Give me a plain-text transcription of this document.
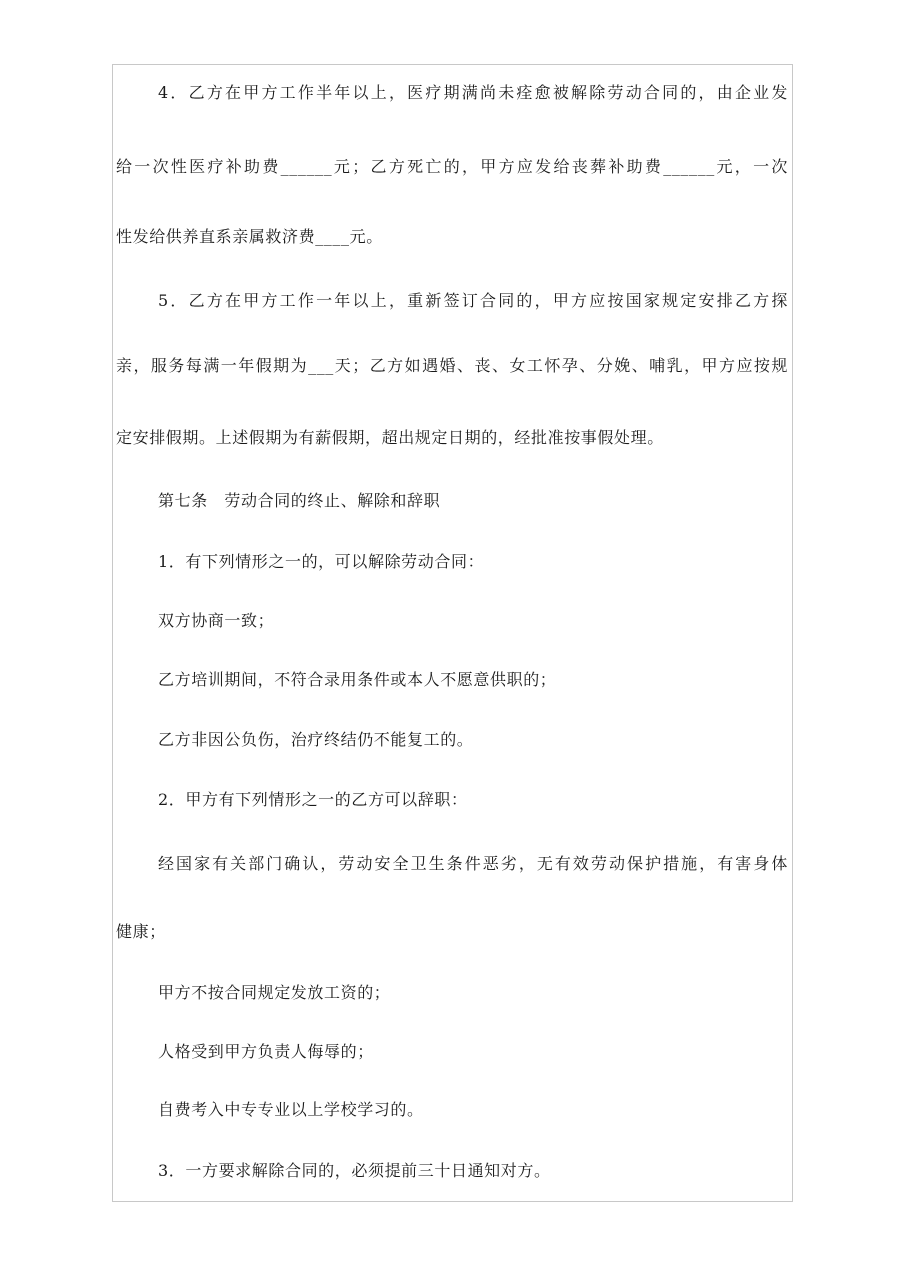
4．乙方在甲方工作半年以上，医疗期满尚未痊愈被解除劳动合同的，由企业发
给一次性医疗补助费______元；乙方死亡的，甲方应发给丧葬补助费______元，一次
性发给供养直系亲属救济费____元。
5．乙方在甲方工作一年以上，重新签订合同的，甲方应按国家规定安排乙方探
亲，服务每满一年假期为___天；乙方如遇婚、丧、女工怀孕、分娩、哺乳，甲方应按规
定安排假期。上述假期为有薪假期，超出规定日期的，经批准按事假处理。
第七条　劳动合同的终止、解除和辞职
1．有下列情形之一的，可以解除劳动合同：
双方协商一致；
乙方培训期间，不符合录用条件或本人不愿意供职的；
乙方非因公负伤，治疗终结仍不能复工的。
2．甲方有下列情形之一的乙方可以辞职：
经国家有关部门确认，劳动安全卫生条件恶劣，无有效劳动保护措施，有害身体
健康；
甲方不按合同规定发放工资的；
人格受到甲方负责人侮辱的；
自费考入中专专业以上学校学习的。
3．一方要求解除合同的，必须提前三十日通知对方。
